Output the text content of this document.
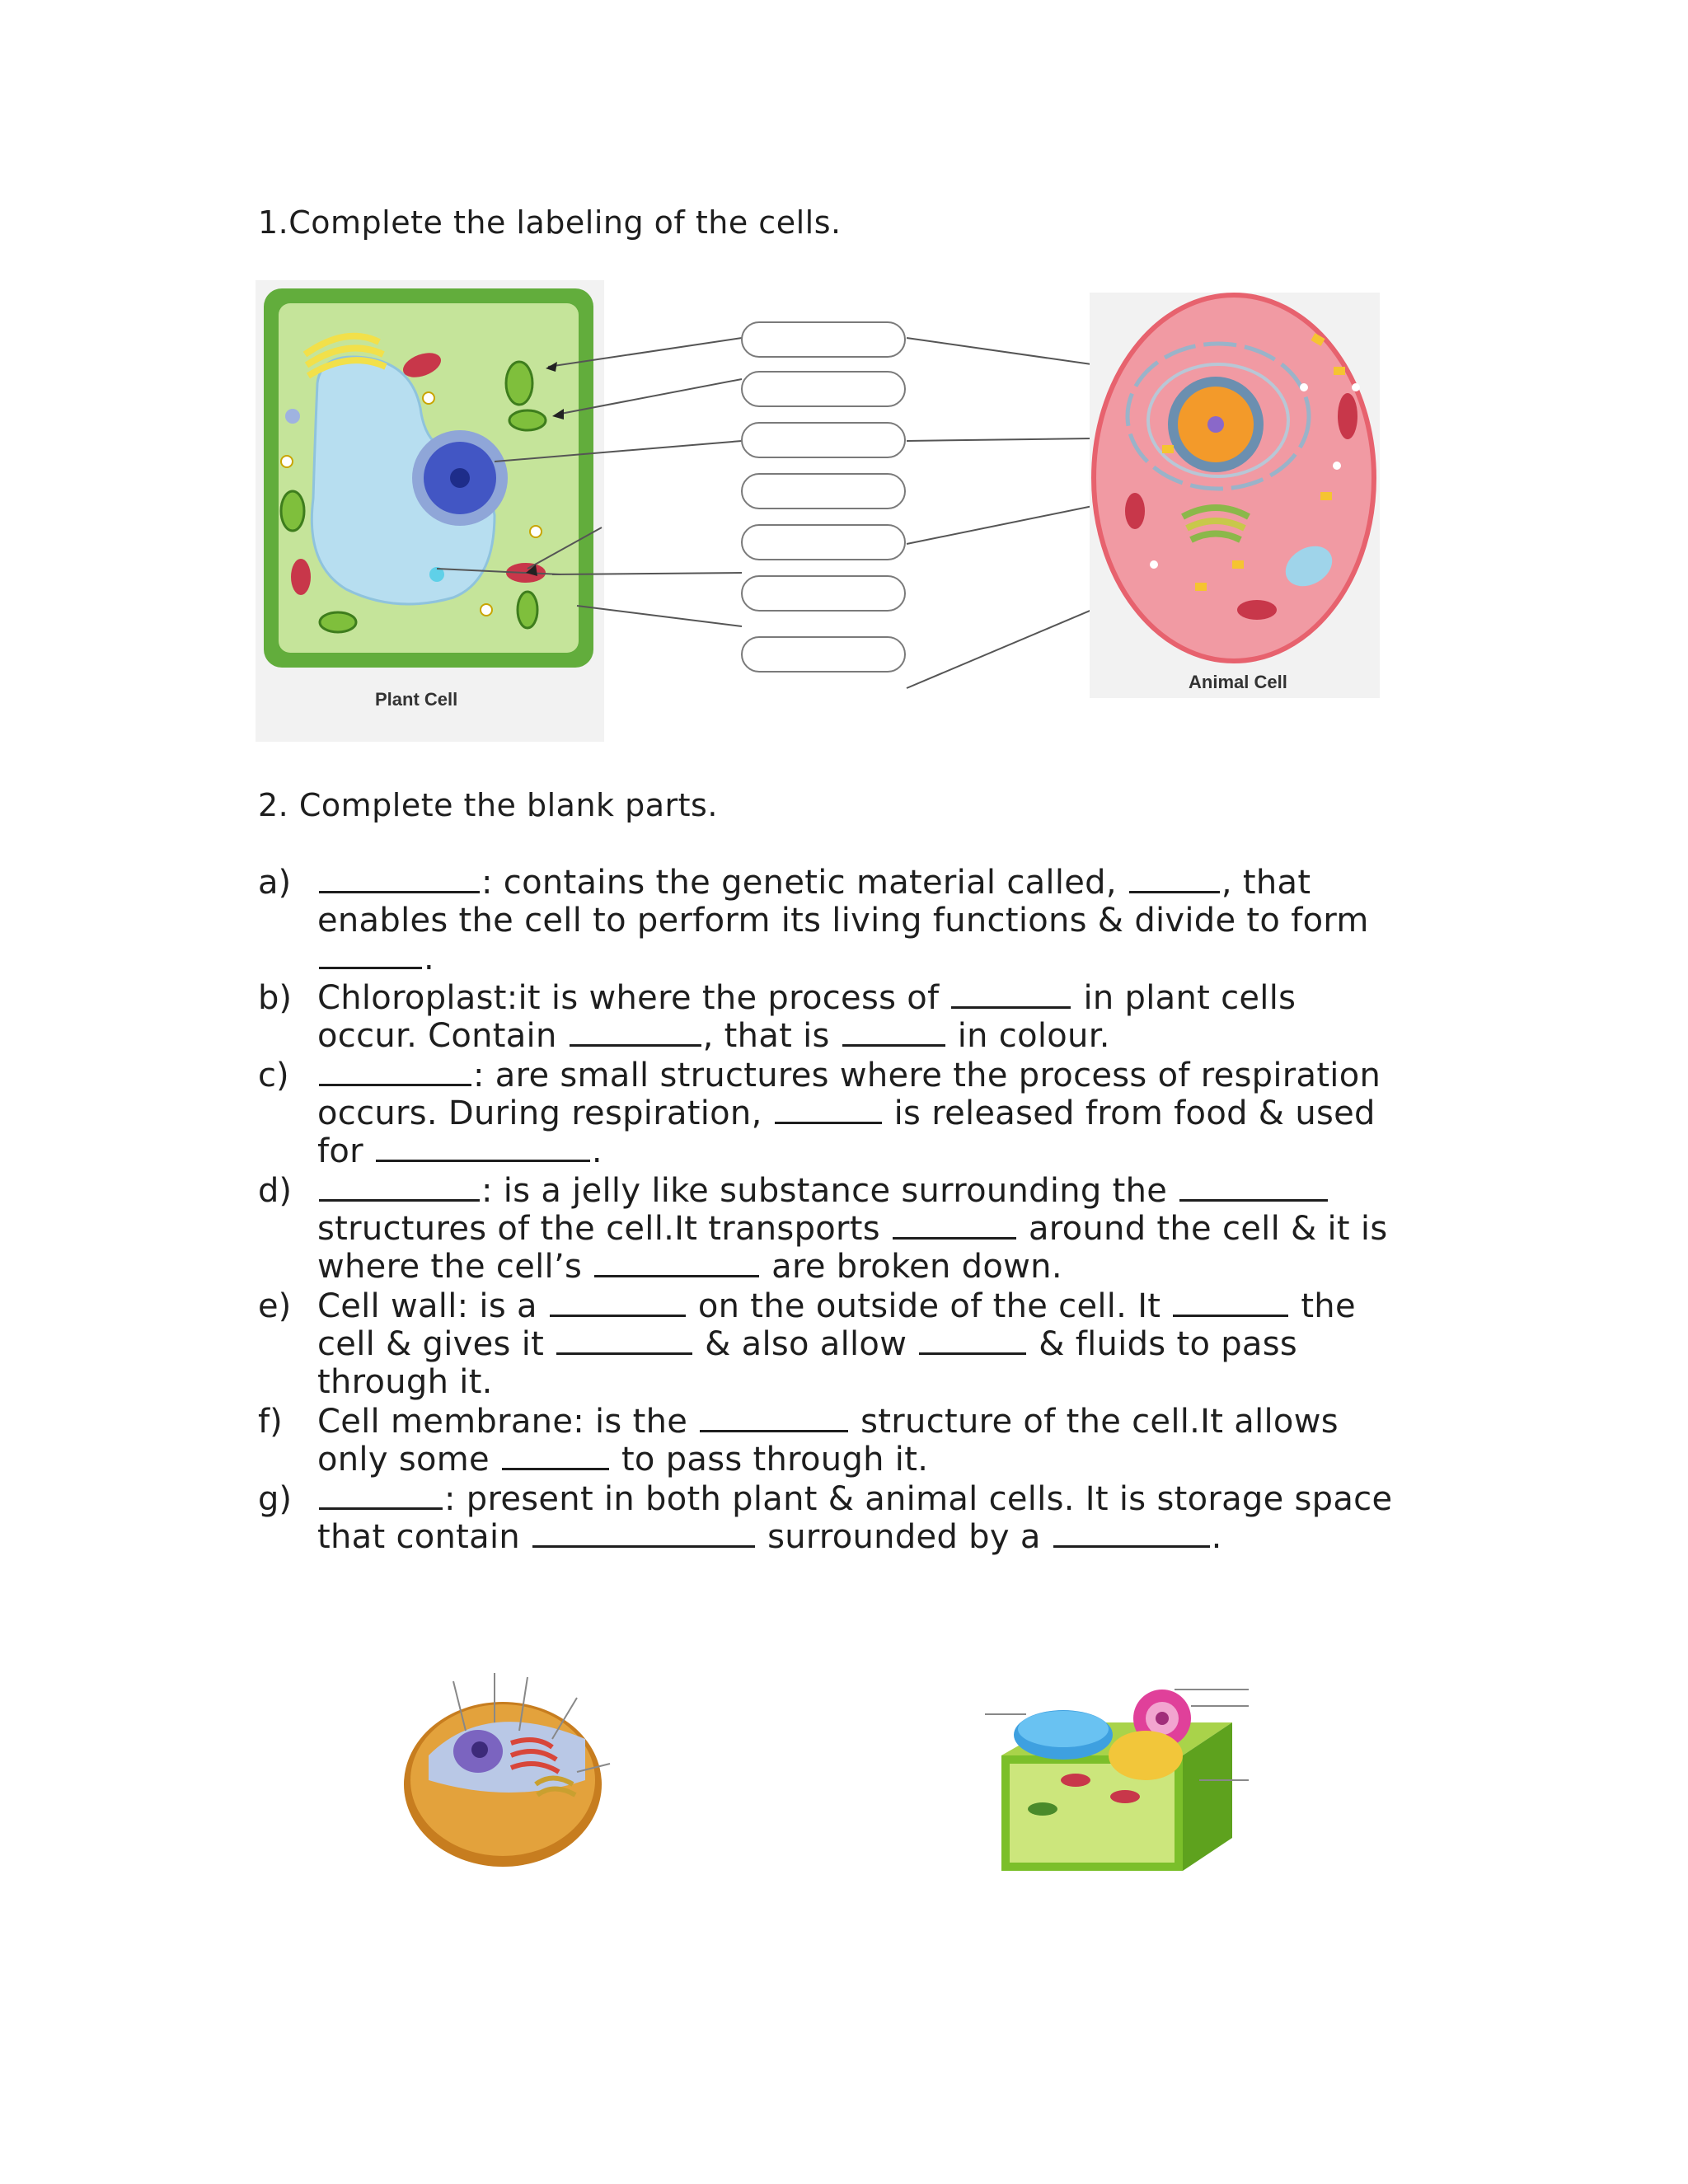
1.Complete the labeling of the cells.
Plant Cell
Animal Cell
2. Complete the blank parts.
a)	: contains the genetic material called,	, that
enables the cell to perform its living functions & divide to form
.
b) Chloroplast:it is where the process of	in plant cells
occur. Contain	, that is	in colour.
c)	: are small structures where the process of respiration
occurs. During respiration,	is released from food & used
for	.
d)	: is a jelly like substance surrounding the
structures of the cell.It transports	around the cell & it is
where the cell’s	are broken down.
e) Cell wall: is a	on the outside of the cell. It	the
cell & gives it	& also allow	& fluids to pass
through it.
f) Cell membrane: is the	structure of the cell.It allows
only some	to pass through it.
g)	: present in both plant & animal cells. It is storage space
that contain	surrounded by a	.
